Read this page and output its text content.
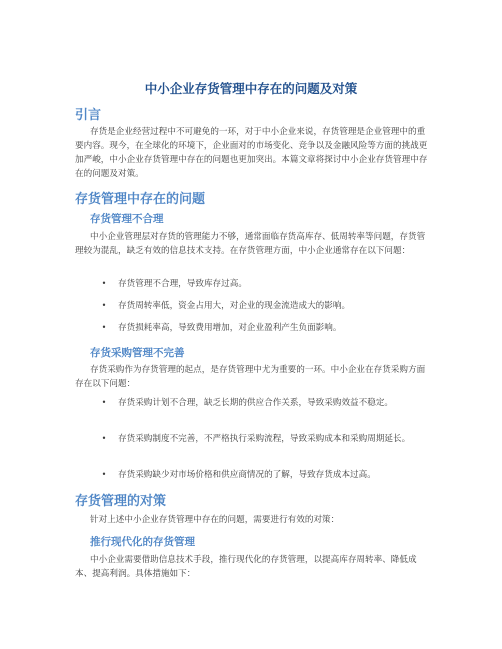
中小企业存货管理中存在的问题及对策
引言

存货是企业经营过程中不可避免的一环，对于中小企业来说，存货管理是企业管理中的重要内容。现今，在全球化的环境下，企业面对的市场变化、竞争以及金融风险等方面的挑战更加严峻，中小企业存货管理中存在的问题也更加突出。本篇文章将探讨中小企业存货管理中存在的问题及对策。

存货管理中存在的问题
存货管理不合理

中小企业管理层对存货的管理能力不够，通常面临存货高库存、低周转率等问题，存货管理较为混乱，缺乏有效的信息技术支持。在存货管理方面，中小企业通常存在以下问题：

•	存货管理不合理，导致库存过高。
•	存货周转率低，资金占用大，对企业的现金流造成大的影响。
•	存货损耗率高，导致费用增加，对企业盈利产生负面影响。
存货采购管理不完善

存货采购作为存货管理的起点，是存货管理中尤为重要的一环。中小企业在存货采购方面存在以下问题：

•	存货采购计划不合理，缺乏长期的供应合作关系，导致采购效益不稳定。
•	存货采购制度不完善，不严格执行采购流程，导致采购成本和采购周期延长。
•	存货采购缺少对市场价格和供应商情况的了解，导致存货成本过高。
存货管理的对策

针对上述中小企业存货管理中存在的问题，需要进行有效的对策：

推行现代化的存货管理

中小企业需要借助信息技术手段，推行现代化的存货管理，以提高库存周转率、降低成本、提高利润。具体措施如下：
